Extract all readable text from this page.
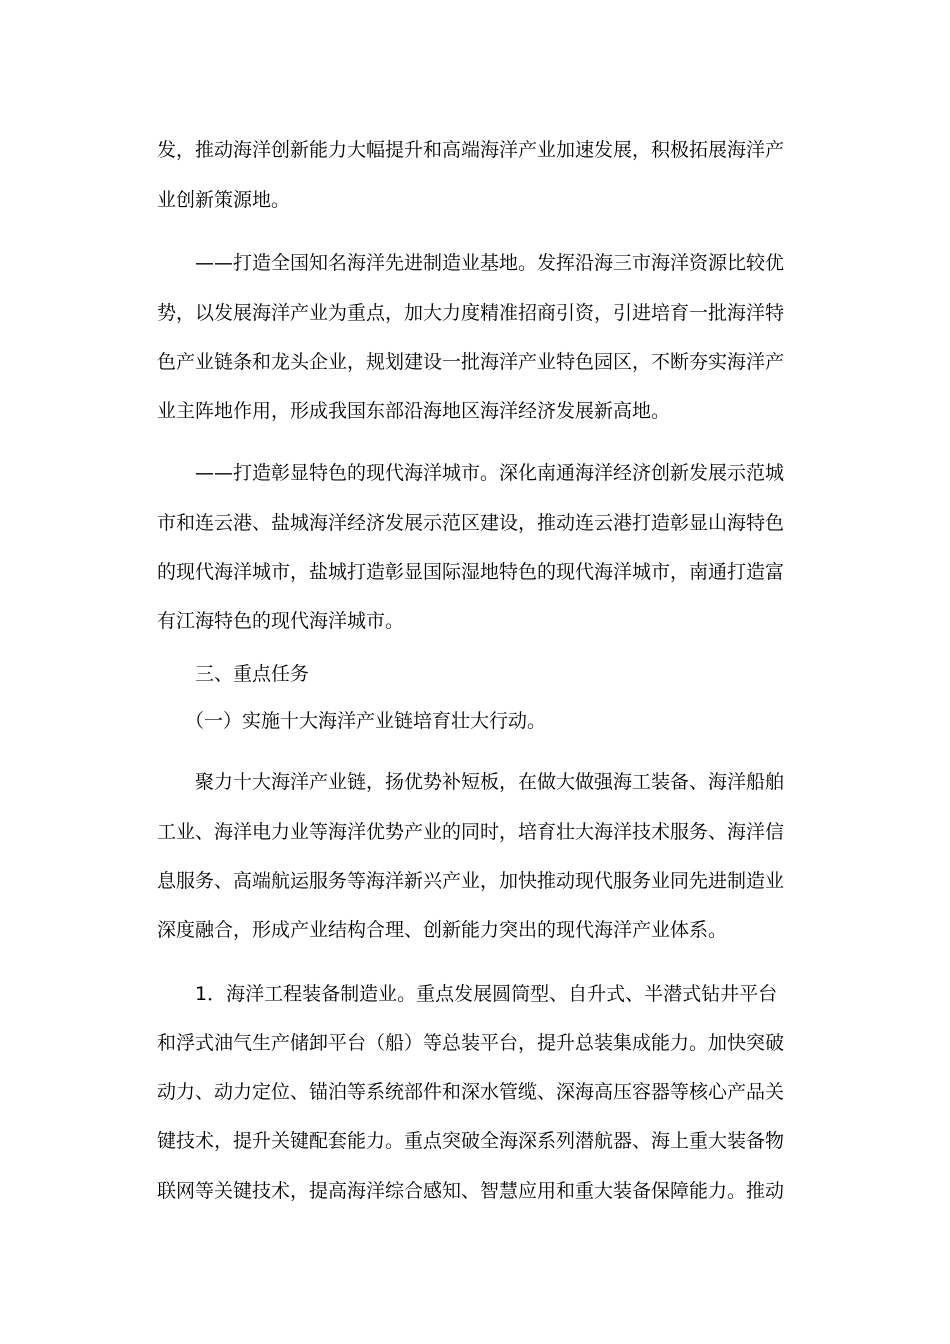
发，推动海洋创新能力大幅提升和高端海洋产业加速发展，积极拓展海洋产
业创新策源地。
——打造全国知名海洋先进制造业基地。发挥沿海三市海洋资源比较优
势，以发展海洋产业为重点，加大力度精准招商引资，引进培育一批海洋特
色产业链条和龙头企业，规划建设一批海洋产业特色园区，不断夯实海洋产
业主阵地作用，形成我国东部沿海地区海洋经济发展新高地。
——打造彰显特色的现代海洋城市。深化南通海洋经济创新发展示范城
市和连云港、盐城海洋经济发展示范区建设，推动连云港打造彰显山海特色
的现代海洋城市，盐城打造彰显国际湿地特色的现代海洋城市，南通打造富
有江海特色的现代海洋城市。
三、重点任务
（一）实施十大海洋产业链培育壮大行动。
聚力十大海洋产业链，扬优势补短板，在做大做强海工装备、海洋船舶
工业、海洋电力业等海洋优势产业的同时，培育壮大海洋技术服务、海洋信
息服务、高端航运服务等海洋新兴产业，加快推动现代服务业同先进制造业
深度融合，形成产业结构合理、创新能力突出的现代海洋产业体系。
1．海洋工程装备制造业。重点发展圆筒型、自升式、半潜式钻井平台
和浮式油气生产储卸平台（船）等总装平台，提升总装集成能力。加快突破
动力、动力定位、锚泊等系统部件和深水管缆、深海高压容器等核心产品关
键技术，提升关键配套能力。重点突破全海深系列潜航器、海上重大装备物
联网等关键技术，提高海洋综合感知、智慧应用和重大装备保障能力。推动
